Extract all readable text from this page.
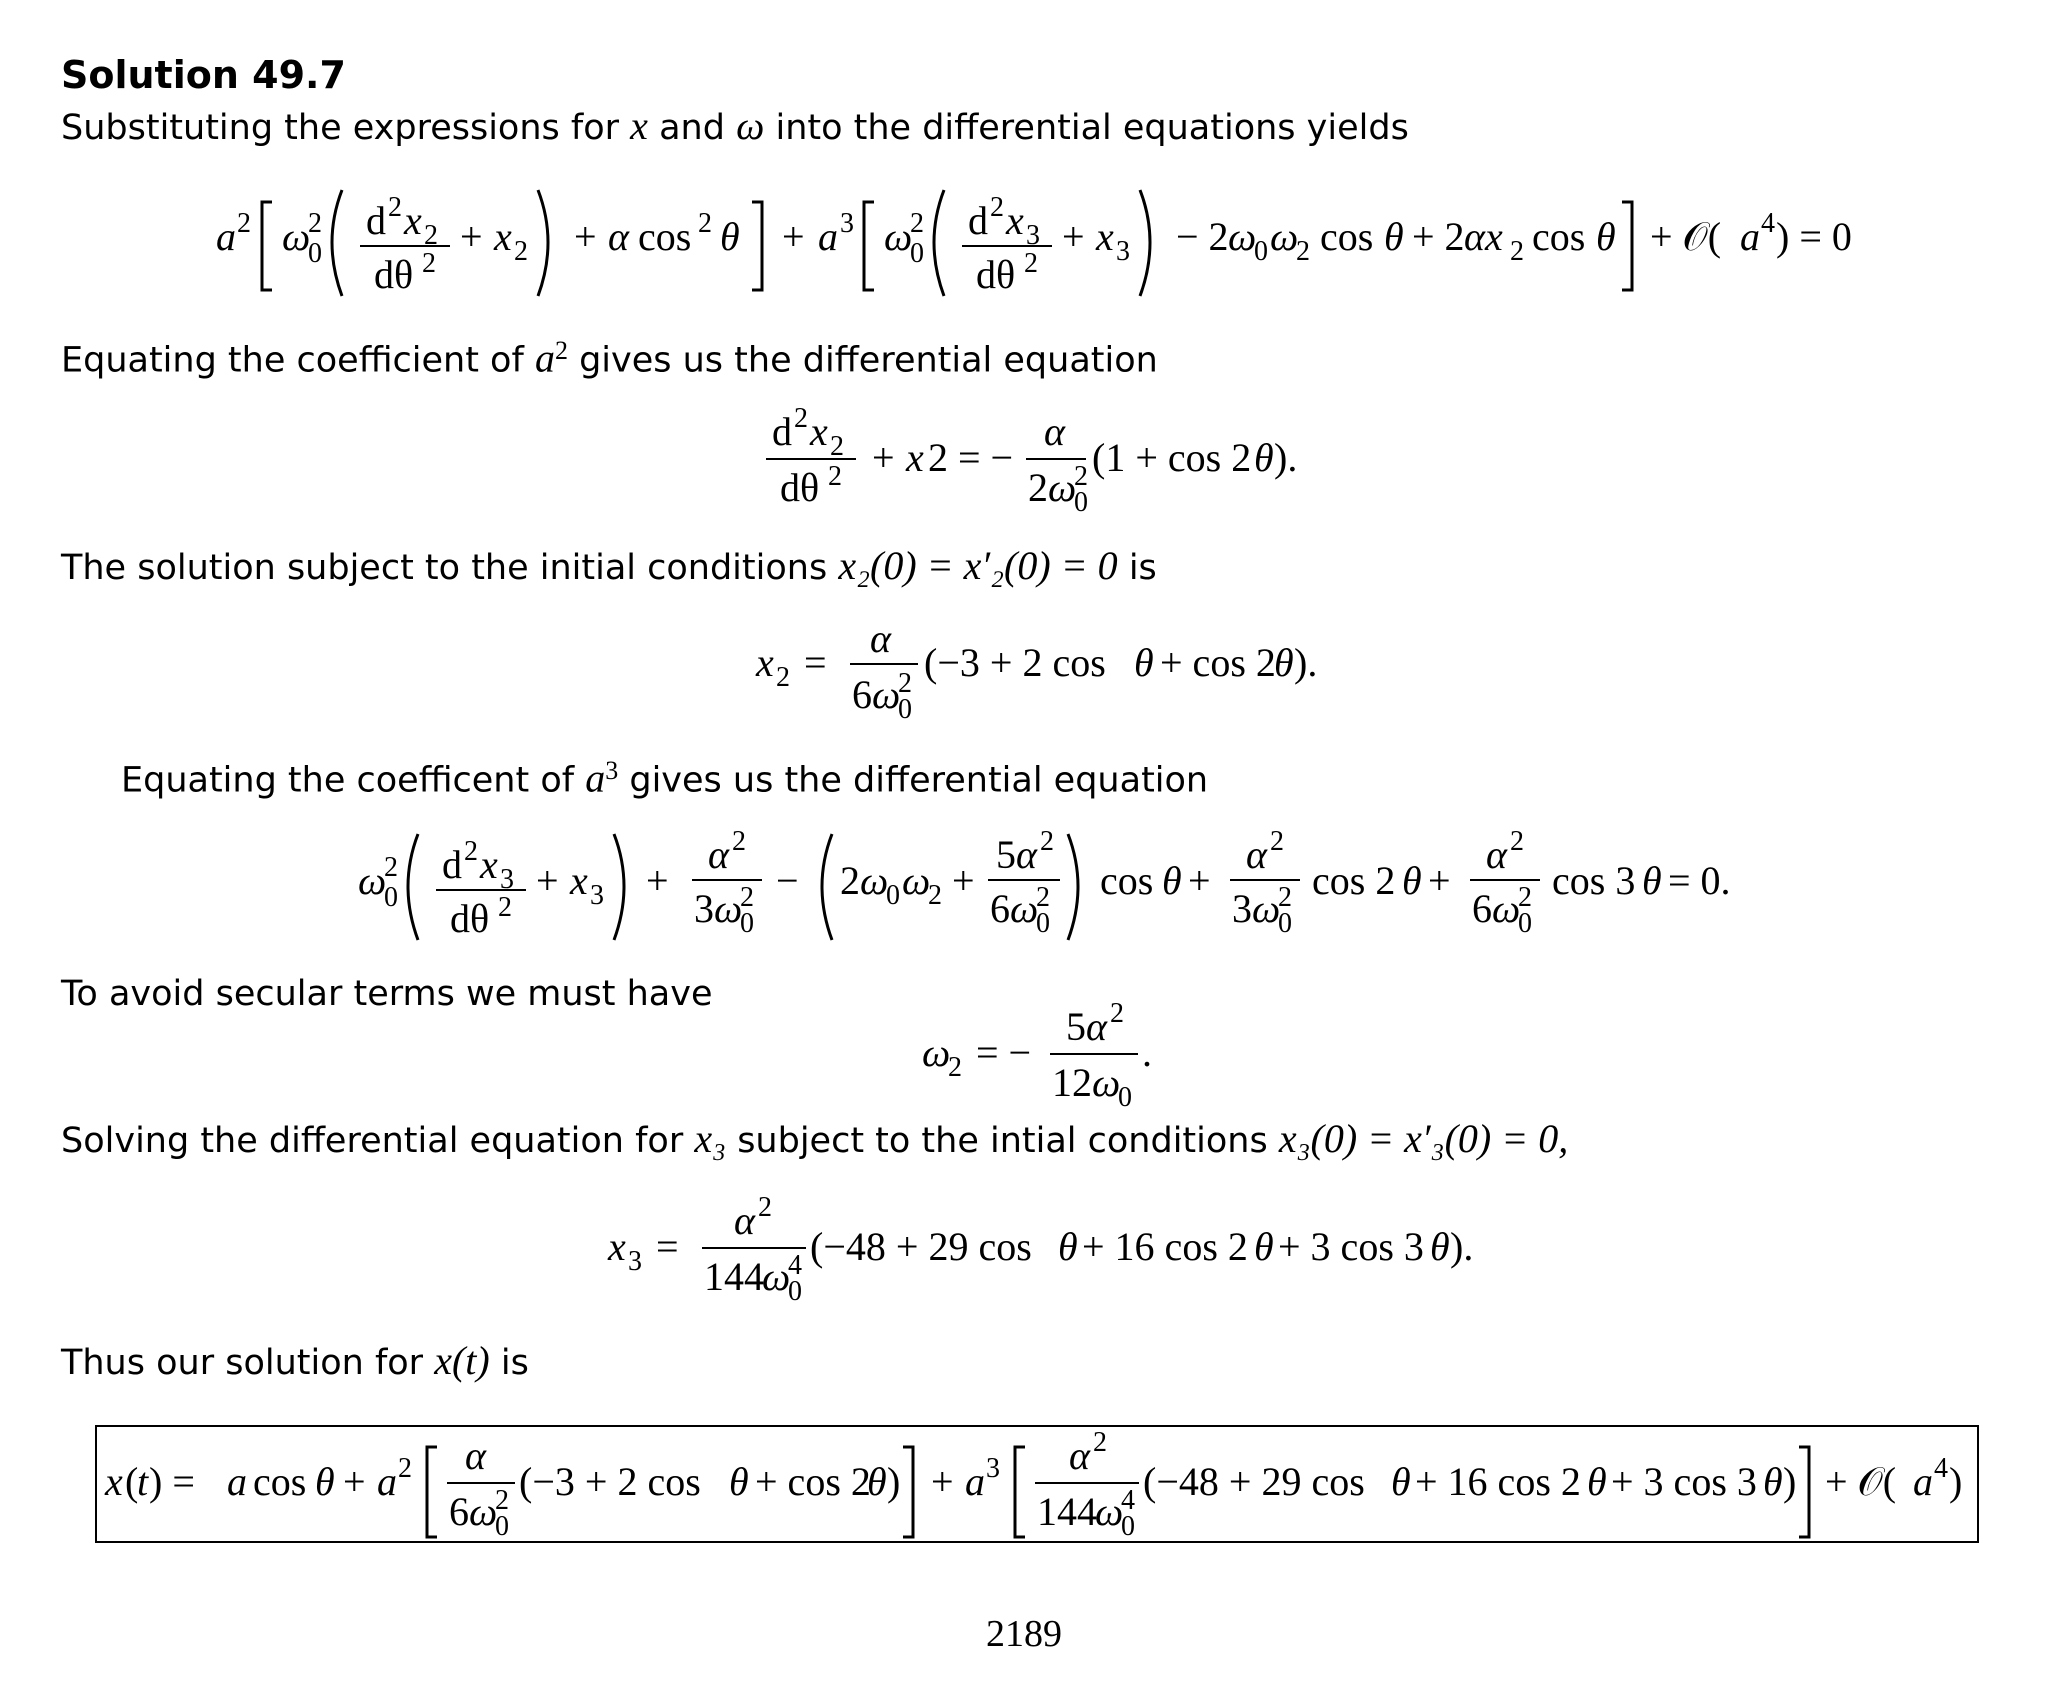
Solution 49.7
Substituting the expressions for x and ω into the differential equations yields
a 2 ω
2
0
d 2 x 2
dθ 2
+ x 2 + α cos 2 θ + a 3 ω
2
0
d 2 x 3
dθ 2
+ x 3 − 2 ω
0 ω
2 cos θ + 2 αx 2 cos θ + 𝒪( a 4 ) = 0
Equating the coefficient of $a^2$ gives us the differential equation
d 2 x 2
dθ 2 + x 2 = −
α
2 ω
2
0
(1 + cos 2 θ ).
The solution subject to the initial conditions x₂(0) = x′₂(0) = 0 is
x 2 =
α
6 ω
2
0
(−3 + 2 cos θ + cos 2
θ ).
Equating the coefficent of $a^3$ gives us the differential equation
ω
2
0
d 2 x 3
dθ 2
+ x 3 +
α 2
3 ω
2
0
− 2 ω
0 ω
2 +
5 α 2
6 ω
2
0
cos θ +
α 2
3 ω
2
0
cos 2 θ +
α 2
6 ω
2
0
cos 3 θ = 0.
To avoid secular terms we must have
ω
2 = −
5 α 2
12 ω
0
.
Solving the differential equation for x₃ subject to the intial conditions x₃(0) = x′₃(0) = 0,
x 3 =
α 2
144
ω
4
0
(−48 + 29 cos θ + 16 cos 2 θ + 3 cos 3 θ ).
Thus our solution for x(t) is
x (
t ) = a cos θ + a 2 α
6 ω
2
0
(−3 + 2 cos θ + cos 2
θ ) + a 3 α 2
144
ω
4
0
(−48 + 29 cos θ + 16 cos 2 θ + 3 cos 3 θ ) + 𝒪( a 4 )
2189
